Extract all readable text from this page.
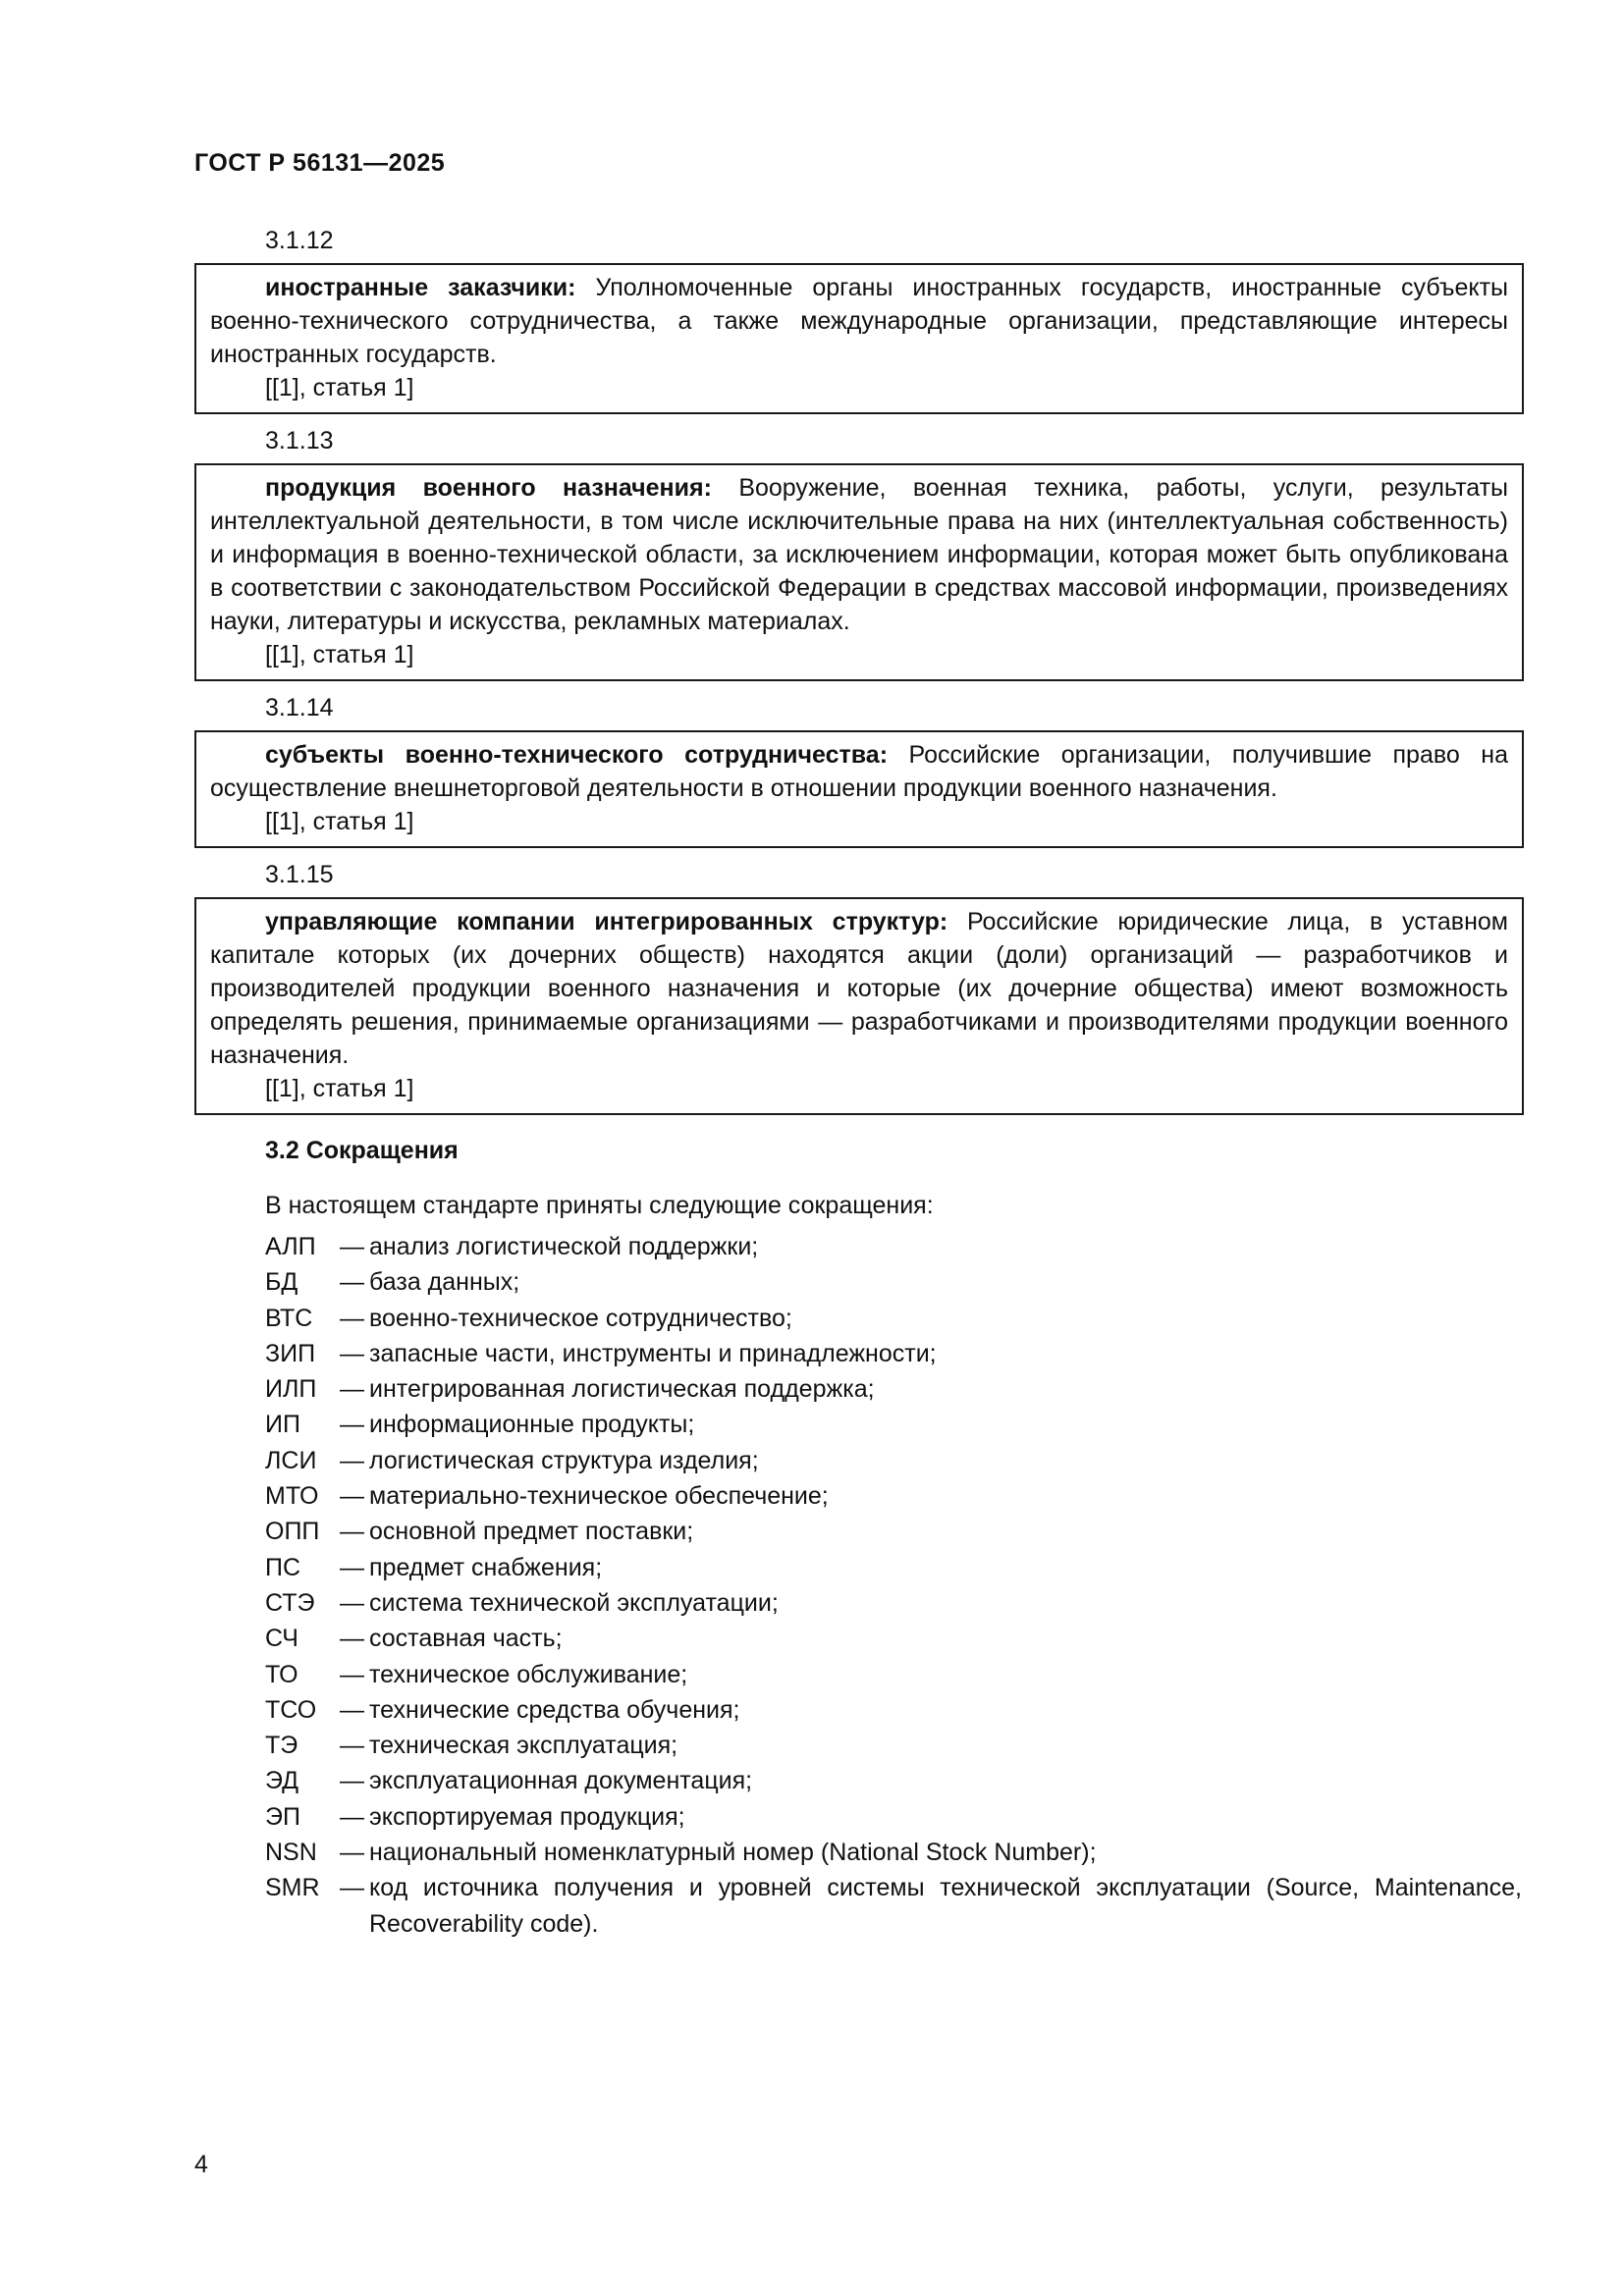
ГОСТ Р 56131—2025
3.1.12
иностранные заказчики: Уполномоченные органы иностранных государств, иностранные субъекты военно-технического сотрудничества, а также международные организации, представляющие интересы иностранных государств.
[[1], статья 1]
3.1.13
продукция военного назначения: Вооружение, военная техника, работы, услуги, результаты интеллектуальной деятельности, в том числе исключительные права на них (интеллектуальная собственность) и информация в военно-технической области, за исключением информации, которая может быть опубликована в соответствии с законодательством Российской Федерации в средствах массовой информации, произведениях науки, литературы и искусства, рекламных материалах.
[[1], статья 1]
3.1.14
субъекты военно-технического сотрудничества: Российские организации, получившие право на осуществление внешнеторговой деятельности в отношении продукции военного назначения.
[[1], статья 1]
3.1.15
управляющие компании интегрированных структур: Российские юридические лица, в уставном капитале которых (их дочерних обществ) находятся акции (доли) организаций — разработчиков и производителей продукции военного назначения и которые (их дочерние общества) имеют возможность определять решения, принимаемые организациями — разработчиками и производителями продукции военного назначения.
[[1], статья 1]
3.2 Сокращения
В настоящем стандарте приняты следующие сокращения:
АЛП — анализ логистической поддержки;
БД	— база данных;
ВТС	— военно-техническое сотрудничество;
ЗИП — запасные части, инструменты и принадлежности;
ИЛП — интегрированная логистическая поддержка;
ИП	— информационные продукты;
ЛСИ — логистическая структура изделия;
МТО — материально-техническое обеспечение;
ОПП — основной предмет поставки;
ПС	— предмет снабжения;
СТЭ	— система технической эксплуатации;
СЧ	— составная часть;
ТО	— техническое обслуживание;
ТСО — технические средства обучения;
ТЭ	— техническая эксплуатация;
ЭД	— эксплуатационная документация;
ЭП	— экспортируемая продукция;
NSN — национальный номенклатурный номер (National Stock Number);
SMR — код источника получения и уровней системы технической эксплуатации (Source, Maintenance, Recoverability code).
4
